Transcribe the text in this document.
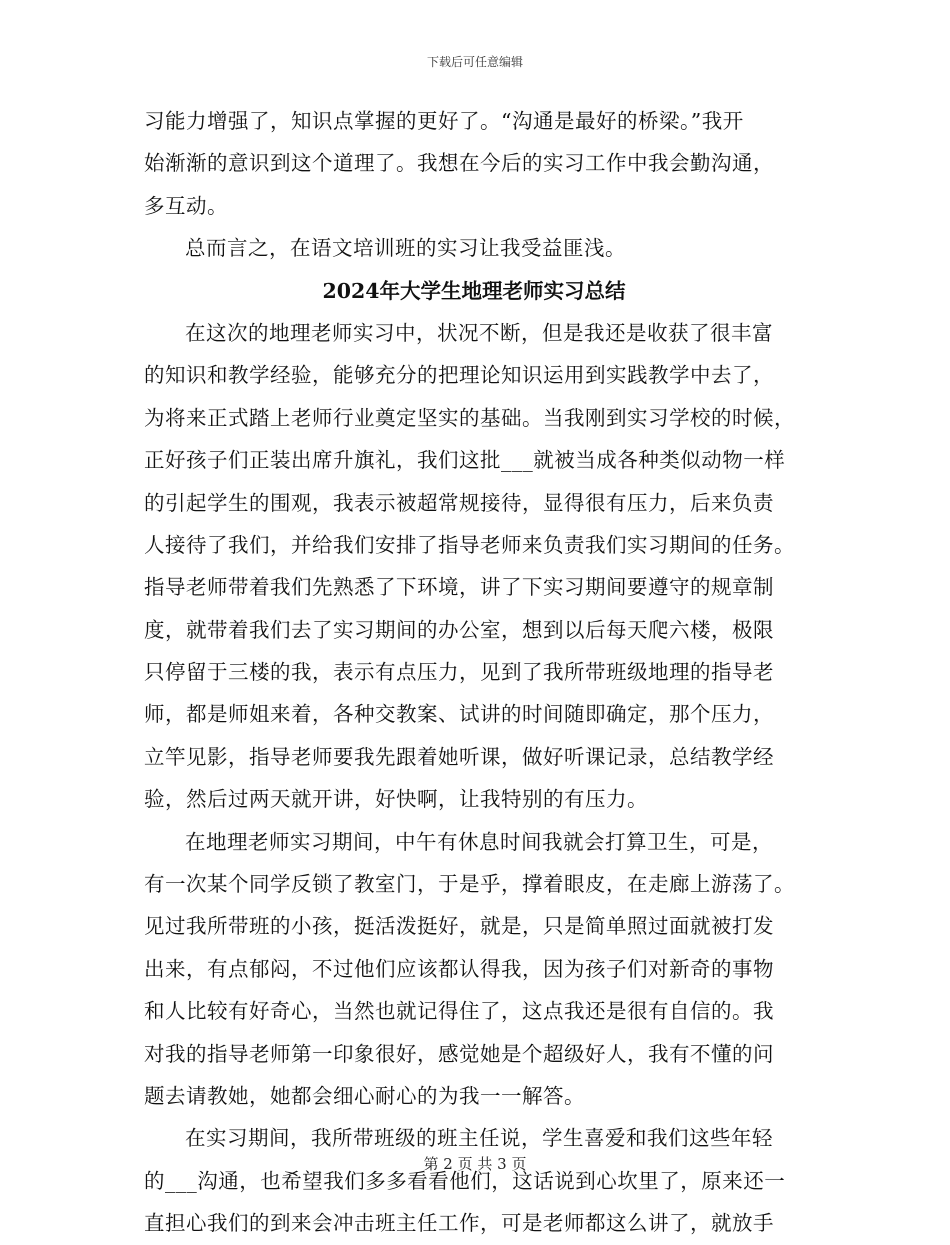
下载后可任意编辑
习能力增强了，知识点掌握的更好了。“沟通是最好的桥梁。”我开
始渐渐的意识到这个道理了。我想在今后的实习工作中我会勤沟通，
多互动。
总而言之，在语文培训班的实习让我受益匪浅。
2024年大学生地理老师实习总结
在这次的地理老师实习中，状况不断，但是我还是收获了很丰富
的知识和教学经验，能够充分的把理论知识运用到实践教学中去了，
为将来正式踏上老师行业奠定坚实的基础。当我刚到实习学校的时候，
正好孩子们正装出席升旗礼，我们这批___就被当成各种类似动物一样
的引起学生的围观，我表示被超常规接待，显得很有压力，后来负责
人接待了我们，并给我们安排了指导老师来负责我们实习期间的任务。
指导老师带着我们先熟悉了下环境，讲了下实习期间要遵守的规章制
度，就带着我们去了实习期间的办公室，想到以后每天爬六楼，极限
只停留于三楼的我，表示有点压力，见到了我所带班级地理的指导老
师，都是师姐来着，各种交教案、试讲的时间随即确定，那个压力，
立竿见影，指导老师要我先跟着她听课，做好听课记录，总结教学经
验，然后过两天就开讲，好快啊，让我特别的有压力。
在地理老师实习期间，中午有休息时间我就会打算卫生，可是，
有一次某个同学反锁了教室门，于是乎，撑着眼皮，在走廊上游荡了。
见过我所带班的小孩，挺活泼挺好，就是，只是简单照过面就被打发
出来，有点郁闷，不过他们应该都认得我，因为孩子们对新奇的事物
和人比较有好奇心，当然也就记得住了，这点我还是很有自信的。我
对我的指导老师第一印象很好，感觉她是个超级好人，我有不懂的问
题去请教她，她都会细心耐心的为我一一解答。
在实习期间，我所带班级的班主任说，学生喜爱和我们这些年轻
的___沟通，也希望我们多多看看他们，这话说到心坎里了，原来还一
直担心我们的到来会冲击班主任工作，可是老师都这么讲了，就放手
第 2 页 共 3 页
